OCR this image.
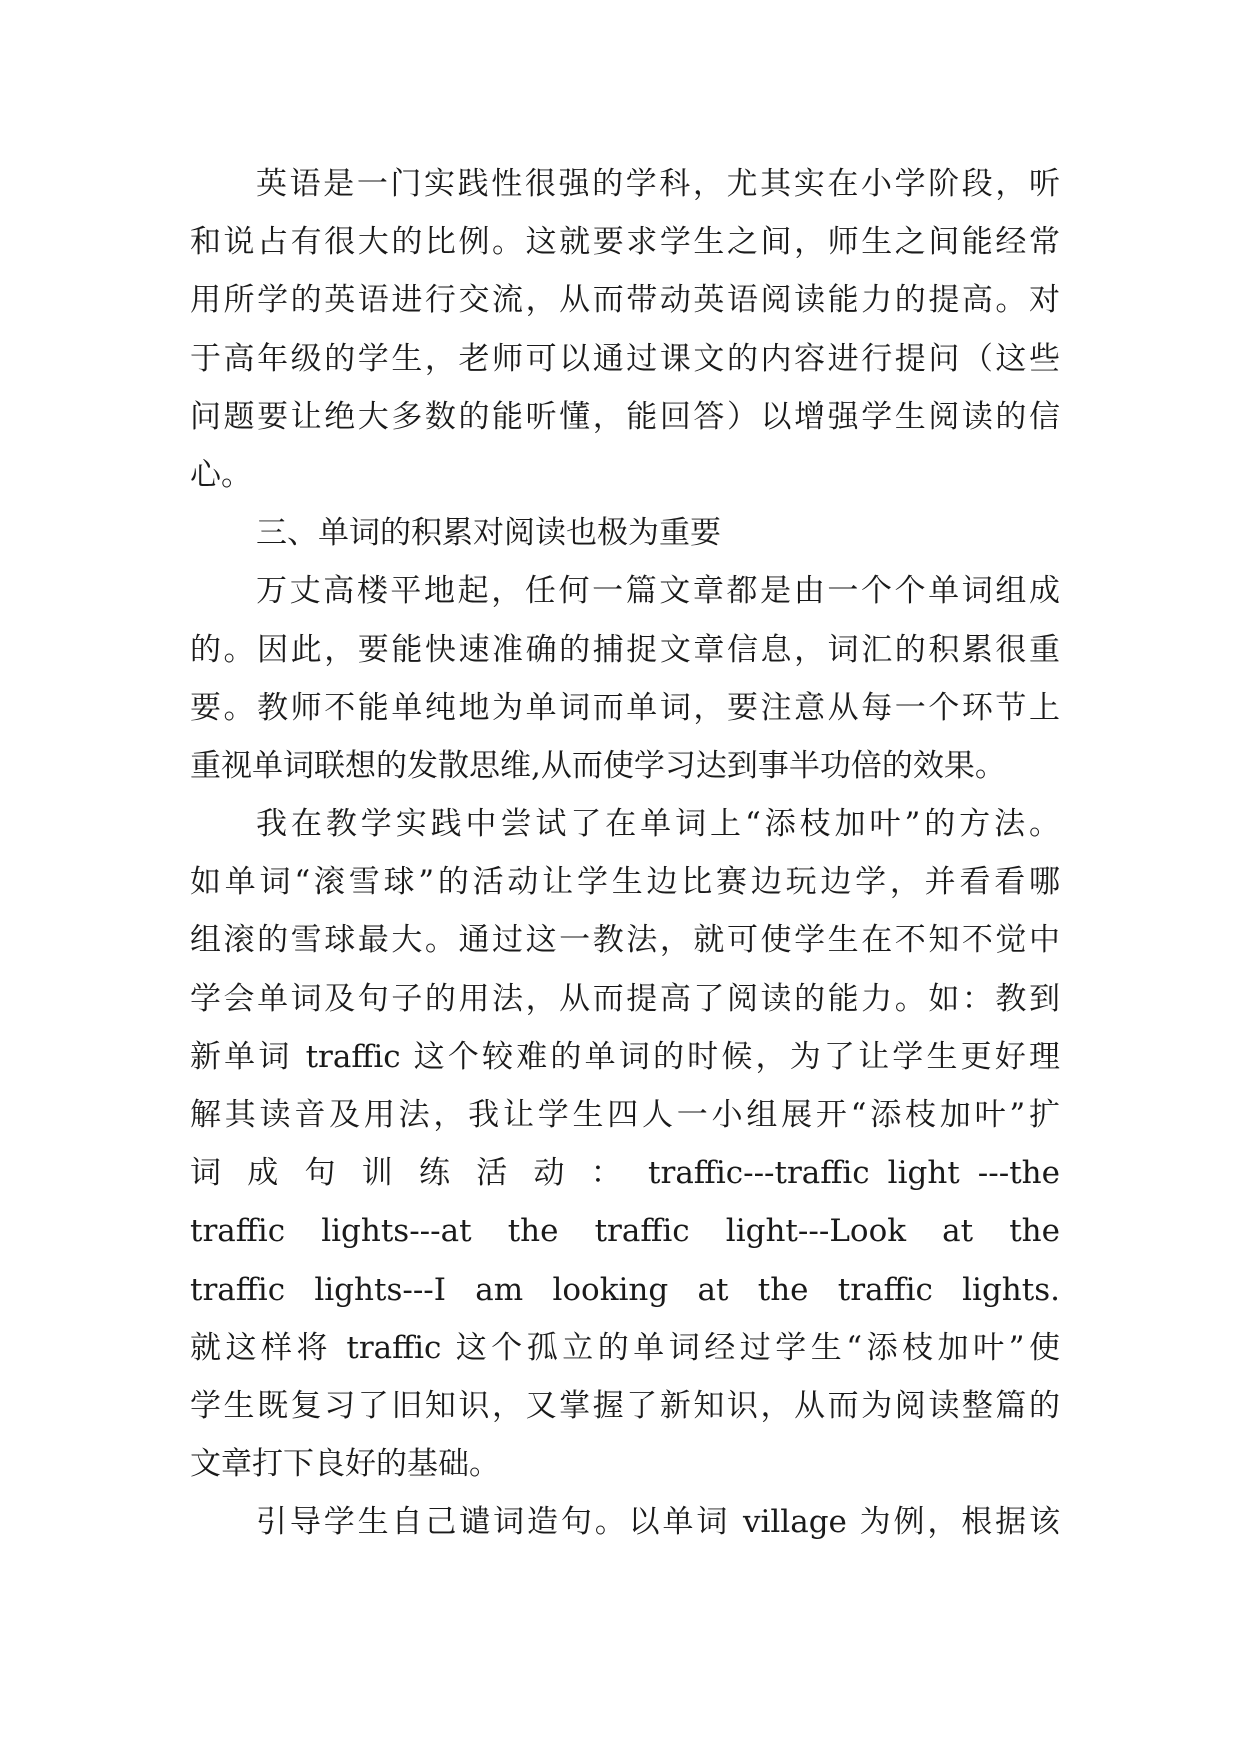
英语是一门实践性很强的学科，尤其实在小学阶段，听
和说占有很大的比例。这就要求学生之间，师生之间能经常
用所学的英语进行交流，从而带动英语阅读能力的提高。对
于高年级的学生，老师可以通过课文的内容进行提问（这些
问题要让绝大多数的能听懂，能回答）以增强学生阅读的信
心。
三、单词的积累对阅读也极为重要
万丈高楼平地起，任何一篇文章都是由一个个单词组成
的。因此，要能快速准确的捕捉文章信息，词汇的积累很重
要。教师不能单纯地为单词而单词，要注意从每一个环节上
重视单词联想的发散思维,从而使学习达到事半功倍的效果。
我在教学实践中尝试了在单词上“添枝加叶”的方法。
如单词“滚雪球”的活动让学生边比赛边玩边学，并看看哪
组滚的雪球最大。通过这一教法，就可使学生在不知不觉中
学会单词及句子的用法，从而提高了阅读的能力。如：教到
新单词 traffic 这个较难的单词的时候，为了让学生更好理
解其读音及用法，我让学生四人一小组展开“添枝加叶”扩
词 成 句 训 练 活 动 ： traffic---traffic light ---the
traffic lights---at the traffic light---Look at the
traffic lights---I am looking at the traffic lights.
就这样将 traffic 这个孤立的单词经过学生“添枝加叶”使
学生既复习了旧知识，又掌握了新知识，从而为阅读整篇的
文章打下良好的基础。
引导学生自己谴词造句。以单词 village 为例，根据该
